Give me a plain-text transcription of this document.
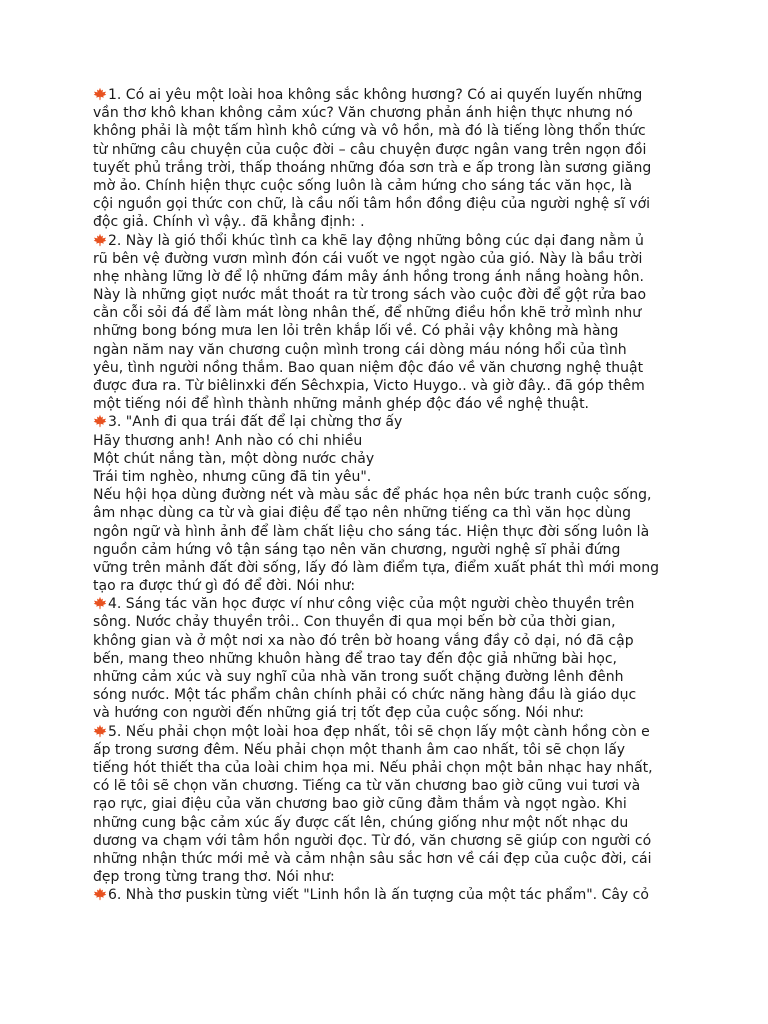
1. Có ai yêu một loài hoa không sắc không hương? Có ai quyến luyến những
vần thơ khô khan không cảm xúc? Văn chương phản ánh hiện thực nhưng nó
không phải là một tấm hình khô cứng và vô hồn, mà đó là tiếng lòng thổn thức
từ những câu chuyện của cuộc đời – câu chuyện được ngân vang trên ngọn đồi
tuyết phủ trắng trời, thấp thoáng những đóa sơn trà e ấp trong làn sương giăng
mờ ảo. Chính hiện thực cuộc sống luôn là cảm hứng cho sáng tác văn học, là
cội nguồn gọi thức con chữ, là cầu nối tâm hồn đồng điệu của người nghệ sĩ với
độc giả. Chính vì vậy.. đã khẳng định: .
2. Này là gió thổi khúc tình ca khẽ lay động những bông cúc dại đang nằm ủ
rũ bên vệ đường vươn mình đón cái vuốt ve ngọt ngào của gió. Này là bầu trời
nhẹ nhàng lững lờ để lộ những đám mây ánh hồng trong ánh nắng hoàng hôn.
Này là những giọt nước mắt thoát ra từ trong sách vào cuộc đời để gột rửa bao
cằn cỗi sỏi đá để làm mát lòng nhân thế, để những điều hồn khẽ trở mình như
những bong bóng mưa len lỏi trên khắp lối về. Có phải vậy không mà hàng
ngàn năm nay văn chương cuộn mình trong cái dòng máu nóng hổi của tình
yêu, tình người nồng thắm. Bao quan niệm độc đáo về văn chương nghệ thuật
được đưa ra. Từ biêlinxki đến Sêchxpia, Victo Huygo.. và giờ đây.. đã góp thêm
một tiếng nói để hình thành những mảnh ghép độc đáo về nghệ thuật.
3. "Anh đi qua trái đất để lại chừng thơ ấy
Hãy thương anh! Anh nào có chi nhiều
Một chút nắng tàn, một dòng nước chảy
Trái tim nghèo, nhưng cũng đã tin yêu".
Nếu hội họa dùng đường nét và màu sắc để phác họa nên bức tranh cuộc sống,
âm nhạc dùng ca từ và giai điệu để tạo nên những tiếng ca thì văn học dùng
ngôn ngữ và hình ảnh để làm chất liệu cho sáng tác. Hiện thực đời sống luôn là
nguồn cảm hứng vô tận sáng tạo nên văn chương, người nghệ sĩ phải đứng
vững trên mảnh đất đời sống, lấy đó làm điểm tựa, điểm xuất phát thì mới mong
tạo ra được thứ gì đó để đời. Nói như:
4. Sáng tác văn học được ví như công việc của một người chèo thuyền trên
sông. Nước chảy thuyền trôi.. Con thuyền đi qua mọi bến bờ của thời gian,
không gian và ở một nơi xa nào đó trên bờ hoang vắng đầy cỏ dại, nó đã cập
bến, mang theo những khuôn hàng để trao tay đến độc giả những bài học,
những cảm xúc và suy nghĩ của nhà văn trong suốt chặng đường lênh đênh
sóng nước. Một tác phẩm chân chính phải có chức năng hàng đầu là giáo dục
và hướng con người đến những giá trị tốt đẹp của cuộc sống. Nói như:
5. Nếu phải chọn một loài hoa đẹp nhất, tôi sẽ chọn lấy một cành hồng còn e
ấp trong sương đêm. Nếu phải chọn một thanh âm cao nhất, tôi sẽ chọn lấy
tiếng hót thiết tha của loài chim họa mi. Nếu phải chọn một bản nhạc hay nhất,
có lẽ tôi sẽ chọn văn chương. Tiếng ca từ văn chương bao giờ cũng vui tươi và
rạo rực, giai điệu của văn chương bao giờ cũng đằm thắm và ngọt ngào. Khi
những cung bậc cảm xúc ấy được cất lên, chúng giống như một nốt nhạc du
dương va chạm với tâm hồn người đọc. Từ đó, văn chương sẽ giúp con người có
những nhận thức mới mẻ và cảm nhận sâu sắc hơn về cái đẹp của cuộc đời, cái
đẹp trong từng trang thơ. Nói như:
6. Nhà thơ puskin từng viết "Linh hồn là ấn tượng của một tác phẩm". Cây cỏ
